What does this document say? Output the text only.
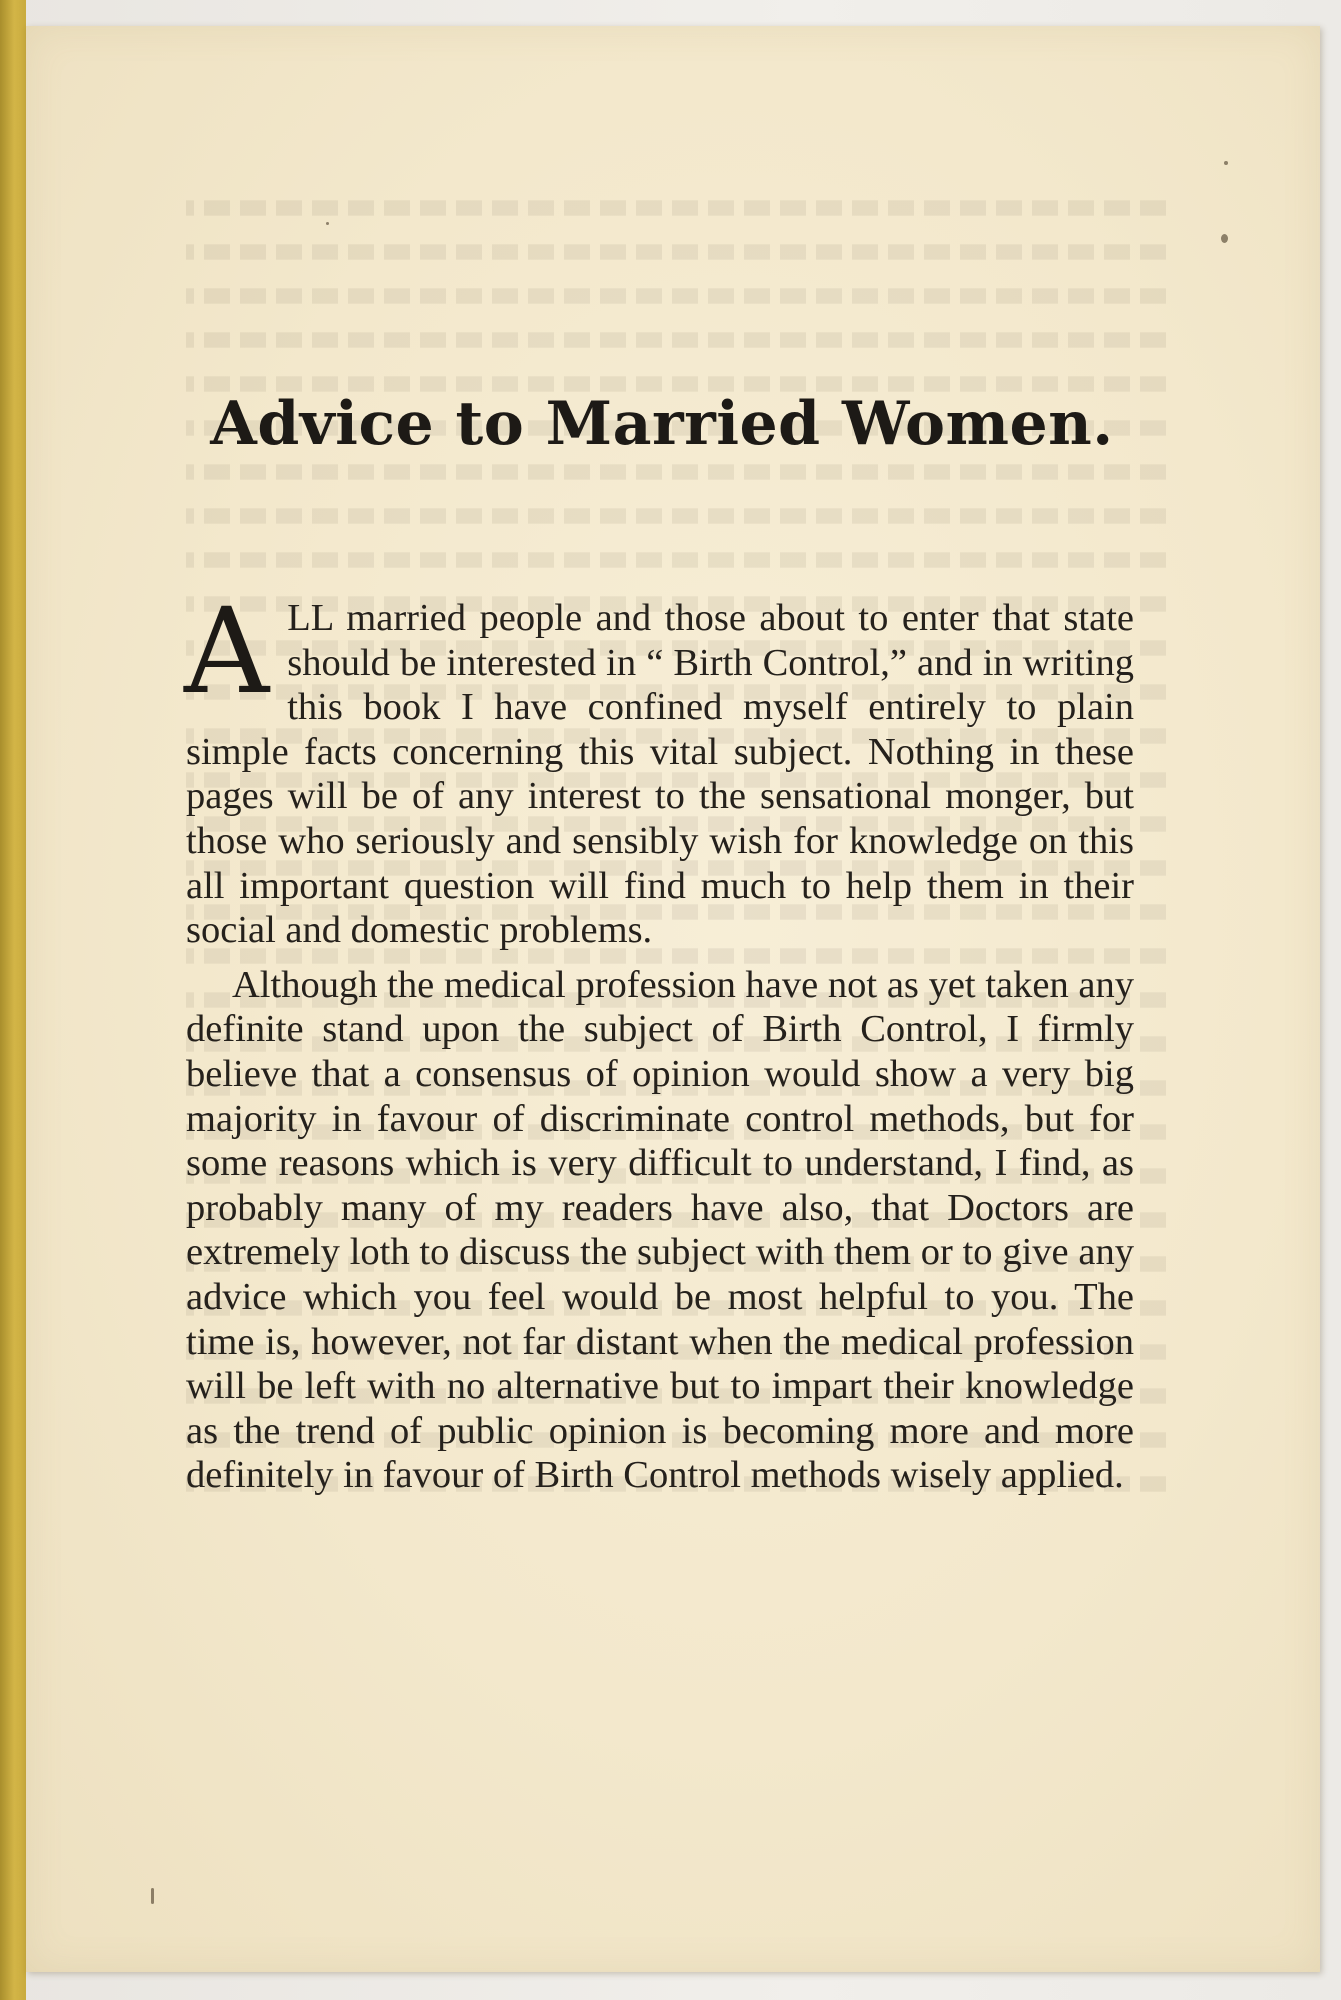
Advice to Married Women.

ALL married people and those about to enter that state should be interested in “ Birth Control,” and in writing this book I have confined myself entirely to plain simple facts concerning this vital subject. Nothing in these pages will be of any interest to the sensational monger, but those who seriously and sensibly wish for knowledge on this all important question will find much to help them in their social and domestic problems.

Although the medical profession have not as yet taken any definite stand upon the subject of Birth Control, I firmly believe that a consensus of opinion would show a very big majority in favour of discriminate control methods, but for some reasons which is very difficult to understand, I find, as probably many of my readers have also, that Doctors are extremely loth to discuss the subject with them or to give any advice which you feel would be most helpful to you. The time is, however, not far distant when the medical profession will be left with no alternative but to impart their knowledge as the trend of public opinion is becoming more and more definitely in favour of Birth Control methods wisely applied.
